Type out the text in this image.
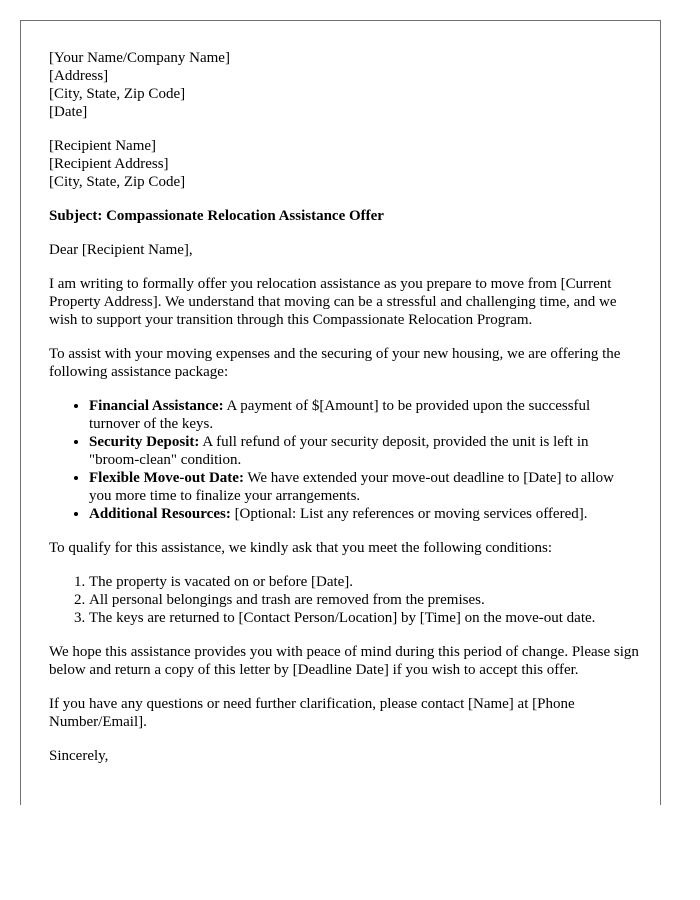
[Your Name/Company Name]
[Address]
[City, State, Zip Code]
[Date]

[Recipient Name]
[Recipient Address]
[City, State, Zip Code]

Subject: Compassionate Relocation Assistance Offer

Dear [Recipient Name],

I am writing to formally offer you relocation assistance as you prepare to move from [Current Property Address]. We understand that moving can be a stressful and challenging time, and we wish to support your transition through this Compassionate Relocation Program.

To assist with your moving expenses and the securing of your new housing, we are offering the following assistance package:

• Financial Assistance: A payment of $[Amount] to be provided upon the successful turnover of the keys.
• Security Deposit: A full refund of your security deposit, provided the unit is left in "broom-clean" condition.
• Flexible Move-out Date: We have extended your move-out deadline to [Date] to allow you more time to finalize your arrangements.
• Additional Resources: [Optional: List any references or moving services offered].

To qualify for this assistance, we kindly ask that you meet the following conditions:

1. The property is vacated on or before [Date].
2. All personal belongings and trash are removed from the premises.
3. The keys are returned to [Contact Person/Location] by [Time] on the move-out date.

We hope this assistance provides you with peace of mind during this period of change. Please sign below and return a copy of this letter by [Deadline Date] if you wish to accept this offer.

If you have any questions or need further clarification, please contact [Name] at [Phone Number/Email].

Sincerely,
